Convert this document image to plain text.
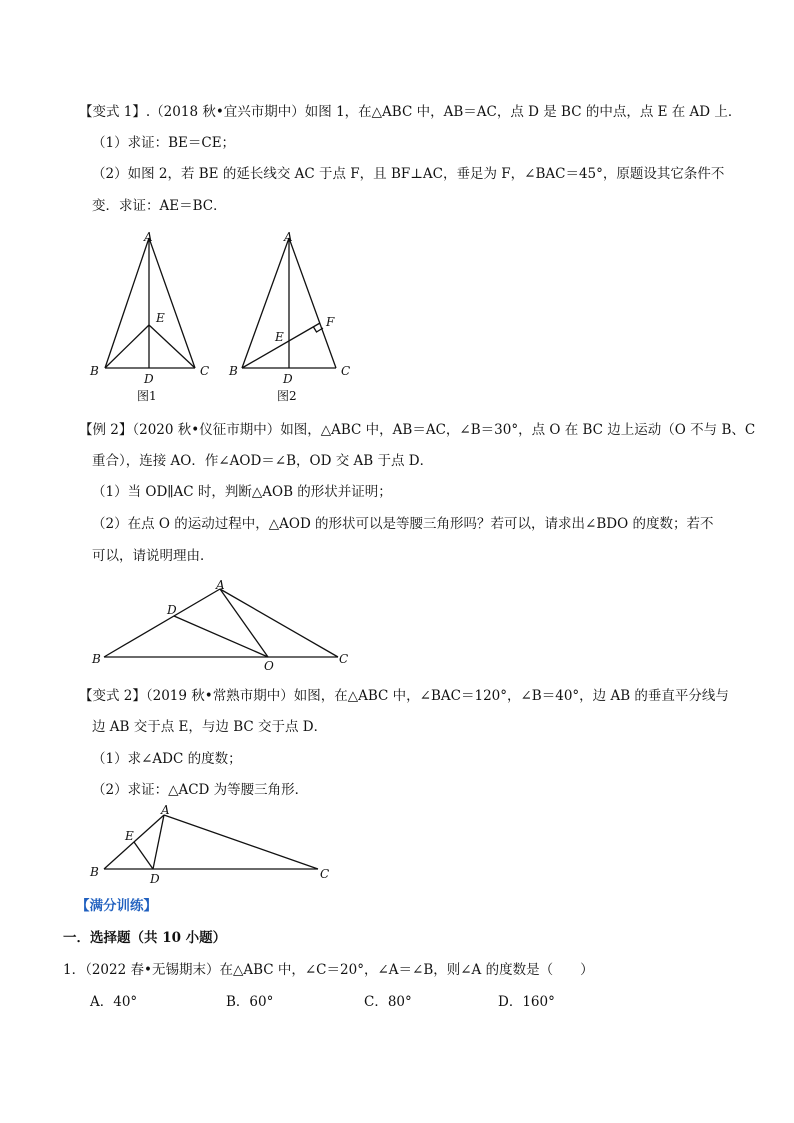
【变式 1】.（2018 秋•宜兴市期中）如图 1，在△ABC 中，AB＝AC，点 D 是 BC 的中点，点 E 在 AD 上．
（1）求证：BE＝CE；
（2）如图 2，若 BE 的延长线交 AC 于点 F，且 BF⊥AC，垂足为 F，∠BAC＝45°，原题设其它条件不
变．求证：AE＝BC．
A
B	C
D
E
图1
A
B	C
D
E
F
图2
【例 2】（2020 秋•仪征市期中）如图，△ABC 中，AB＝AC，∠B＝30°，点 O 在 BC 边上运动（O 不与 B、C
重合），连接 AO．作∠AOD＝∠B，OD 交 AB 于点 D．
（1）当 OD∥AC 时，判断△AOB 的形状并证明；
（2）在点 O 的运动过程中，△AOD 的形状可以是等腰三角形吗？若可以，请求出∠BDO 的度数；若不
可以，请说明理由．
A
B	C
D
O
【变式 2】（2019 秋•常熟市期中）如图，在△ABC 中，∠BAC＝120°，∠B＝40°，边 AB 的垂直平分线与
边 AB 交于点 E，与边 BC 交于点 D．
（1）求∠ADC 的度数；
（2）求证：△ACD 为等腰三角形．
A
B	C
D
E
【满分训练】
一．选择题（共 10 小题）
1．（2022 春•无锡期末）在△ABC 中，∠C＝20°，∠A＝∠B，则∠A 的度数是（　　）
A．40°	B．60°	C．80°	D．160°
